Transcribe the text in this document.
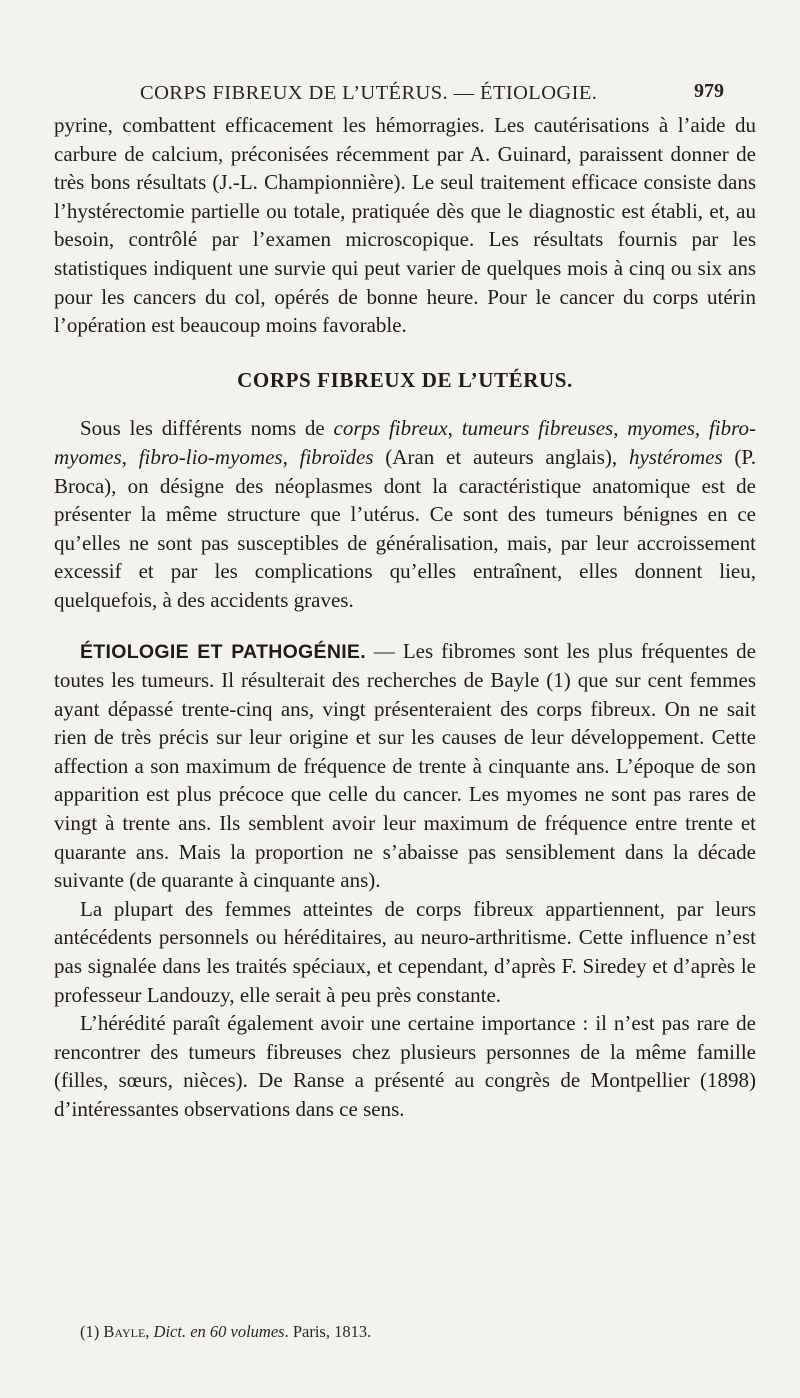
CORPS FIBREUX DE L’UTÉRUS. — ÉTIOLOGIE.	979

pyrine, combattent efficacement les hémorragies. Les cautérisations à l’aide du carbure de calcium, préconisées récemment par A. Guinard, paraissent donner de très bons résultats (J.-L. Championnière). Le seul traitement efficace consiste dans l’hystérectomie partielle ou totale, pratiquée dès que le diagnostic est établi, et, au besoin, contrôlé par l’examen microscopique. Les résultats fournis par les statistiques indiquent une survie qui peut varier de quelques mois à cinq ou six ans pour les cancers du col, opérés de bonne heure. Pour le cancer du corps utérin l’opération est beaucoup moins favorable.

CORPS FIBREUX DE L’UTÉRUS.

Sous les différents noms de corps fibreux, tumeurs fibreuses, myomes, fibro-myomes, fibro-lio-myomes, fibroïdes (Aran et auteurs anglais), hystéromes (P. Broca), on désigne des néoplasmes dont la caractéristique anatomique est de présenter la même structure que l’utérus. Ce sont des tumeurs bénignes en ce qu’elles ne sont pas susceptibles de généralisation, mais, par leur accroissement excessif et par les complications qu’elles entraînent, elles donnent lieu, quelquefois, à des accidents graves.

ÉTIOLOGIE ET PATHOGÉNIE. — Les fibromes sont les plus fréquentes de toutes les tumeurs. Il résulterait des recherches de Bayle (1) que sur cent femmes ayant dépassé trente-cinq ans, vingt présenteraient des corps fibreux. On ne sait rien de très précis sur leur origine et sur les causes de leur développement. Cette affection a son maximum de fréquence de trente à cinquante ans. L’époque de son apparition est plus précoce que celle du cancer. Les myomes ne sont pas rares de vingt à trente ans. Ils semblent avoir leur maximum de fréquence entre trente et quarante ans. Mais la proportion ne s’abaisse pas sensiblement dans la décade suivante (de quarante à cinquante ans).

La plupart des femmes atteintes de corps fibreux appartiennent, par leurs antécédents personnels ou héréditaires, au neuro-arthritisme. Cette influence n’est pas signalée dans les traités spéciaux, et cependant, d’après F. Siredey et d’après le professeur Landouzy, elle serait à peu près constante.

L’hérédité paraît également avoir une certaine importance : il n’est pas rare de rencontrer des tumeurs fibreuses chez plusieurs personnes de la même famille (filles, sœurs, nièces). De Ranse a présenté au congrès de Montpellier (1898) d’intéressantes observations dans ce sens.

(1) Bayle, Dict. en 60 volumes. Paris, 1813.
